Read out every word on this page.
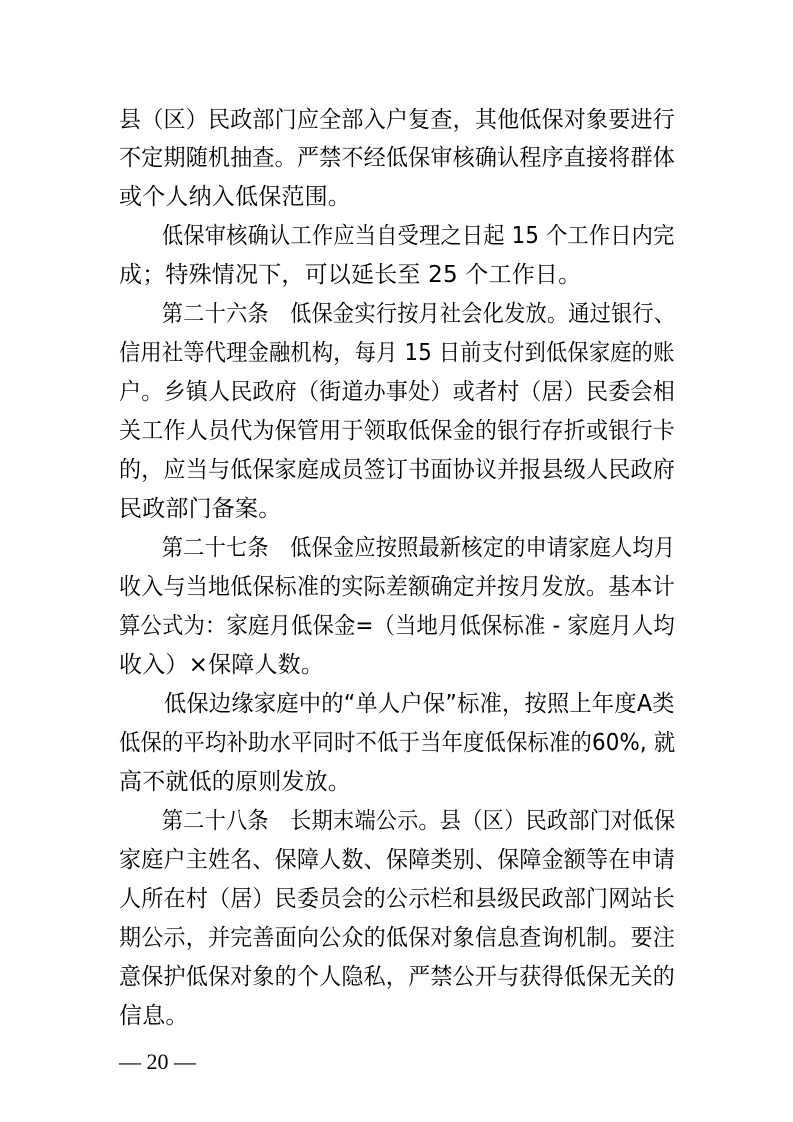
县（区）民政部门应全部入户复查，其他低保对象要进行
不定期随机抽查。严禁不经低保审核确认程序直接将群体
或个人纳入低保范围。
　　低保审核确认工作应当自受理之日起 15 个工作日内完
成；特殊情况下，可以延长至 25 个工作日。
　　第二十六条　低保金实行按月社会化发放。通过银行、
信用社等代理金融机构，每月 15 日前支付到低保家庭的账
户。乡镇人民政府（街道办事处）或者村（居）民委会相
关工作人员代为保管用于领取低保金的银行存折或银行卡
的，应当与低保家庭成员签订书面协议并报县级人民政府
民政部门备案。
　　第二十七条　低保金应按照最新核定的申请家庭人均月
收入与当地低保标准的实际差额确定并按月发放。基本计
算公式为：家庭月低保金=（当地月低保标准 - 家庭月人均
收入）×保障人数。
　　低保边缘家庭中的“单人户保”标准，按照上年度A类
低保的平均补助水平同时不低于当年度低保标准的60%, 就
高不就低的原则发放。
　　第二十八条　长期末端公示。县（区）民政部门对低保
家庭户主姓名、保障人数、保障类别、保障金额等在申请
人所在村（居）民委员会的公示栏和县级民政部门网站长
期公示，并完善面向公众的低保对象信息查询机制。要注
意保护低保对象的个人隐私，严禁公开与获得低保无关的
信息。
— 20 —
